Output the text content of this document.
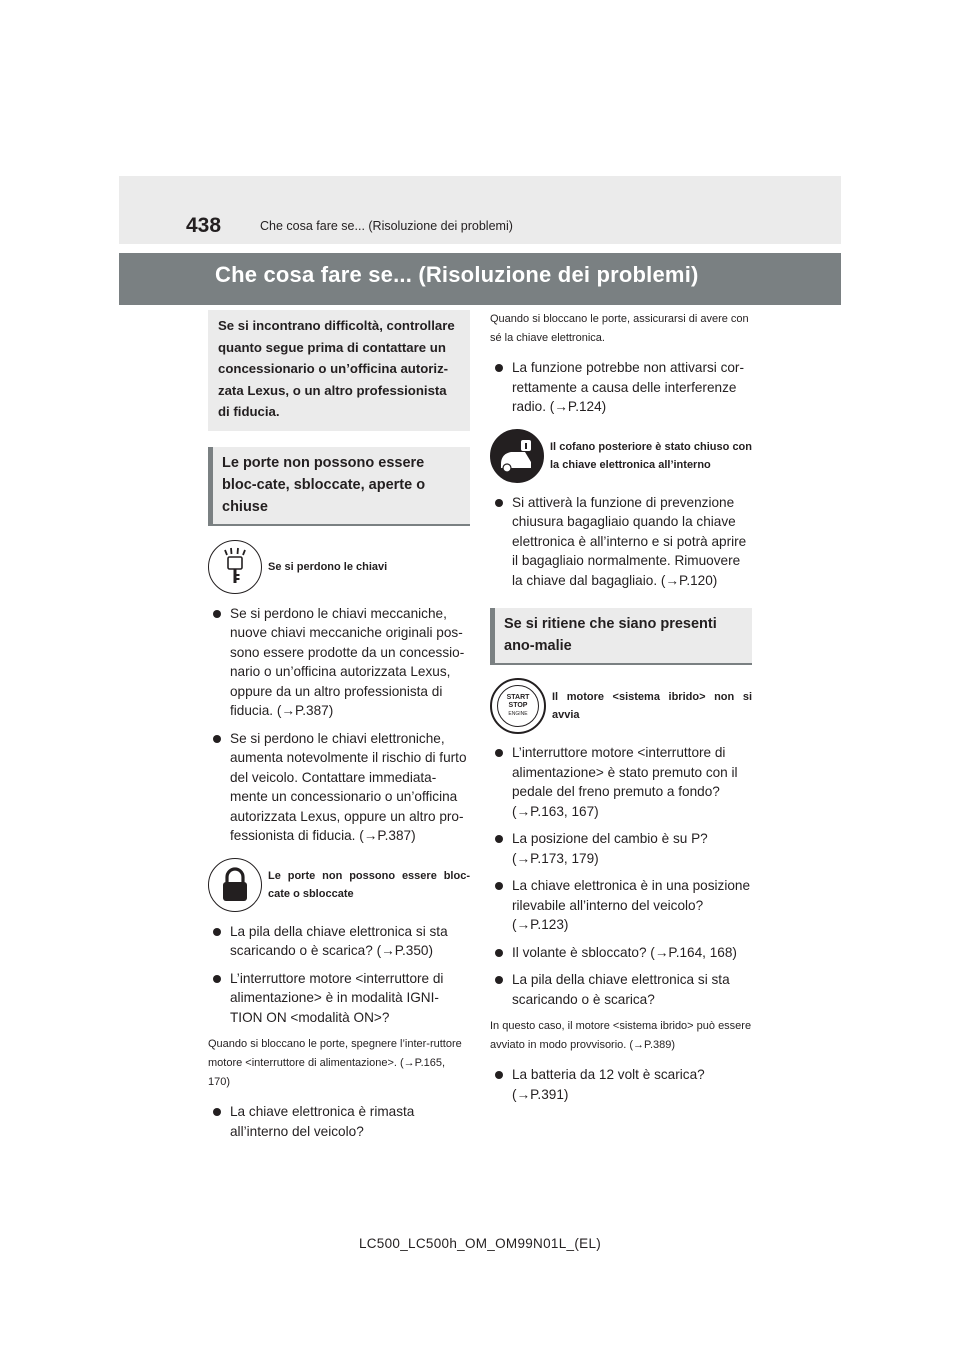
438	Che cosa fare se... (Risoluzione dei problemi)
Che cosa fare se... (Risoluzione dei problemi)
Se si incontrano difficoltà, controllare quanto segue prima di contattare un concessionario o un’officina autoriz-zata Lexus, o un altro professionista di fiducia.
Le porte non possono essere bloc-cate, sbloccate, aperte o chiuse
Se si perdono le chiavi
Se si perdono le chiavi meccaniche, nuove chiavi meccaniche originali pos-sono essere prodotte da un concessio-nario o un’officina autorizzata Lexus, oppure da un altro professionista di fiducia. (→P.387)
Se si perdono le chiavi elettroniche, aumenta notevolmente il rischio di furto del veicolo. Contattare immediata-mente un concessionario o un’officina autorizzata Lexus, oppure un altro pro-fessionista di fiducia. (→P.387)
Le porte non possono essere bloc-cate o sbloccate
La pila della chiave elettronica si sta scaricando o è scarica? (→P.350)
L’interruttore motore <interruttore di alimentazione> è in modalità IGNI-TION ON <modalità ON>?
Quando si bloccano le porte, spegnere l’inter-ruttore motore <interruttore di alimentazione>. (→P.165, 170)
La chiave elettronica è rimasta all’interno del veicolo?
Quando si bloccano le porte, assicurarsi di avere con sé la chiave elettronica.
La funzione potrebbe non attivarsi cor-rettamente a causa delle interferenze radio. (→P.124)
Il cofano posteriore è stato chiuso con la chiave elettronica all’interno
Si attiverà la funzione di prevenzione chiusura bagagliaio quando la chiave elettronica è all’interno e si potrà aprire il bagagliaio normalmente. Rimuovere la chiave dal bagagliaio. (→P.120)
Se si ritiene che siano presenti ano-malie
START
STOP
ENGINE
Il motore <sistema ibrido> non si avvia
L’interruttore motore <interruttore di alimentazione> è stato premuto con il pedale del freno premuto a fondo? (→P.163, 167)
La posizione del cambio è su P? (→P.173, 179)
La chiave elettronica è in una posizione rilevabile all’interno del veicolo? (→P.123)
Il volante è sbloccato? (→P.164, 168)
La pila della chiave elettronica si sta scaricando o è scarica?
In questo caso, il motore <sistema ibrido> può essere avviato in modo provvisorio. (→P.389)
La batteria da 12 volt è scarica? (→P.391)
LC500_LC500h_OM_OM99N01L_(EL)
